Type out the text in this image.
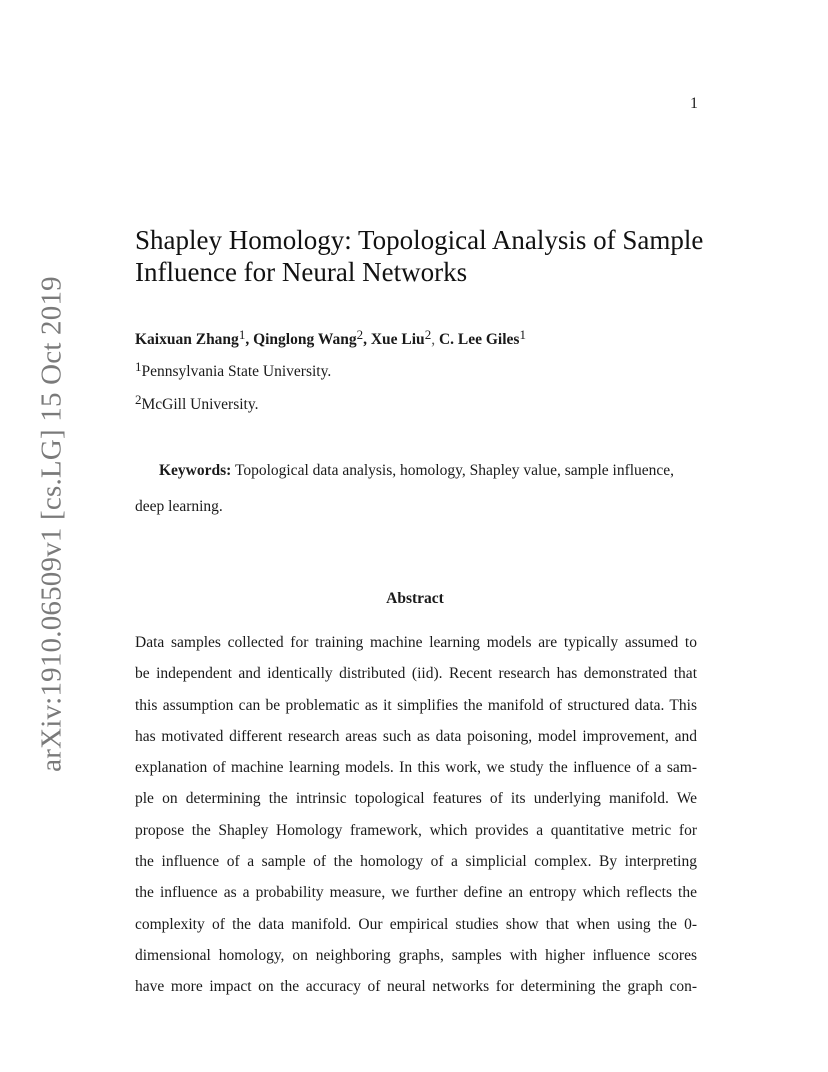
1
arXiv:1910.06509v1 [cs.LG] 15 Oct 2019
Shapley Homology: Topological Analysis of Sample Influence for Neural Networks
Kaixuan Zhang$^1$, Qinglong Wang$^2$, Xue Liu$^2$, C. Lee Giles$^1$
$^1$Pennsylvania State University.
$^2$McGill University.

Keywords: Topological data analysis, homology, Shapley value, sample influence, deep learning.

Abstract
Data samples collected for training machine learning models are typically assumed to
be independent and identically distributed (iid). Recent research has demonstrated that
this assumption can be problematic as it simplifies the manifold of structured data. This
has motivated different research areas such as data poisoning, model improvement, and
explanation of machine learning models. In this work, we study the influence of a sam-
ple on determining the intrinsic topological features of its underlying manifold. We
propose the Shapley Homology framework, which provides a quantitative metric for
the influence of a sample of the homology of a simplicial complex. By interpreting
the influence as a probability measure, we further define an entropy which reflects the
complexity of the data manifold. Our empirical studies show that when using the 0-
dimensional homology, on neighboring graphs, samples with higher influence scores
have more impact on the accuracy of neural networks for determining the graph con-
